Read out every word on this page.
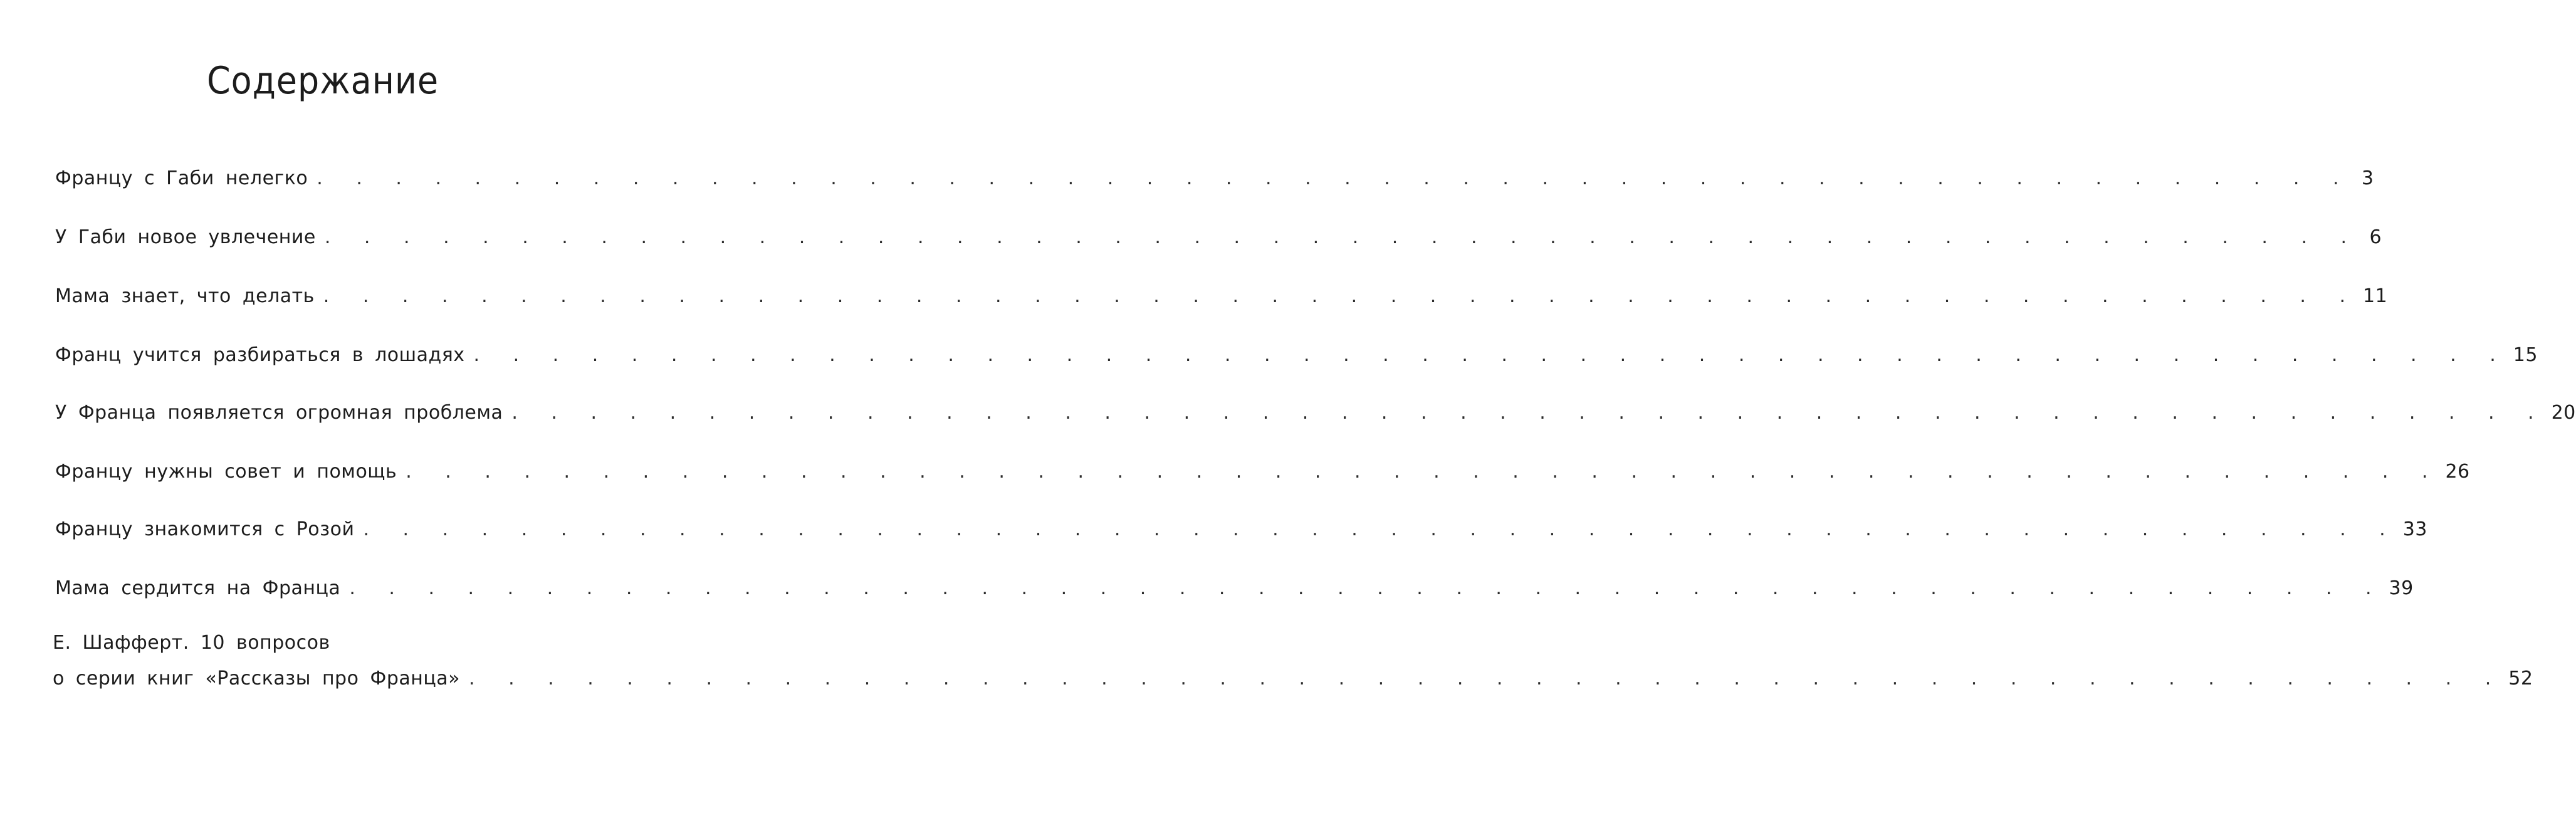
Содержание
Францу с Габи нелегко . . . . . . . . . . . . . . . . . . . . . . . . . . . . . . . . . . . . . . . . . . . . . . . . . . . . 3
У Габи новое увлечение . . . . . . . . . . . . . . . . . . . . . . . . . . . . . . . . . . . . . . . . . . . . . . . . . . . . 6
Мама знает, что делать . . . . . . . . . . . . . . . . . . . . . . . . . . . . . . . . . . . . . . . . . . . . . . . . . . . . 11
Франц учится разбираться в лошадях . . . . . . . . . . . . . . . . . . . . . . . . . . . . . . . . . . . . . . . . . . . . . . . . . . . . 15
У Франца появляется огромная проблема . . . . . . . . . . . . . . . . . . . . . . . . . . . . . . . . . . . . . . . . . . . . . . . . . . . . 20
Францу нужны совет и помощь . . . . . . . . . . . . . . . . . . . . . . . . . . . . . . . . . . . . . . . . . . . . . . . . . . . . 26
Францу знакомится с Розой . . . . . . . . . . . . . . . . . . . . . . . . . . . . . . . . . . . . . . . . . . . . . . . . . . . . 33
Мама сердится на Франца . . . . . . . . . . . . . . . . . . . . . . . . . . . . . . . . . . . . . . . . . . . . . . . . . . . . 39
Е. Шафферт. 10 вопросов
о серии книг «Рассказы про Франца» . . . . . . . . . . . . . . . . . . . . . . . . . . . . . . . . . . . . . . . . . . . . . . . . . . . . 52
